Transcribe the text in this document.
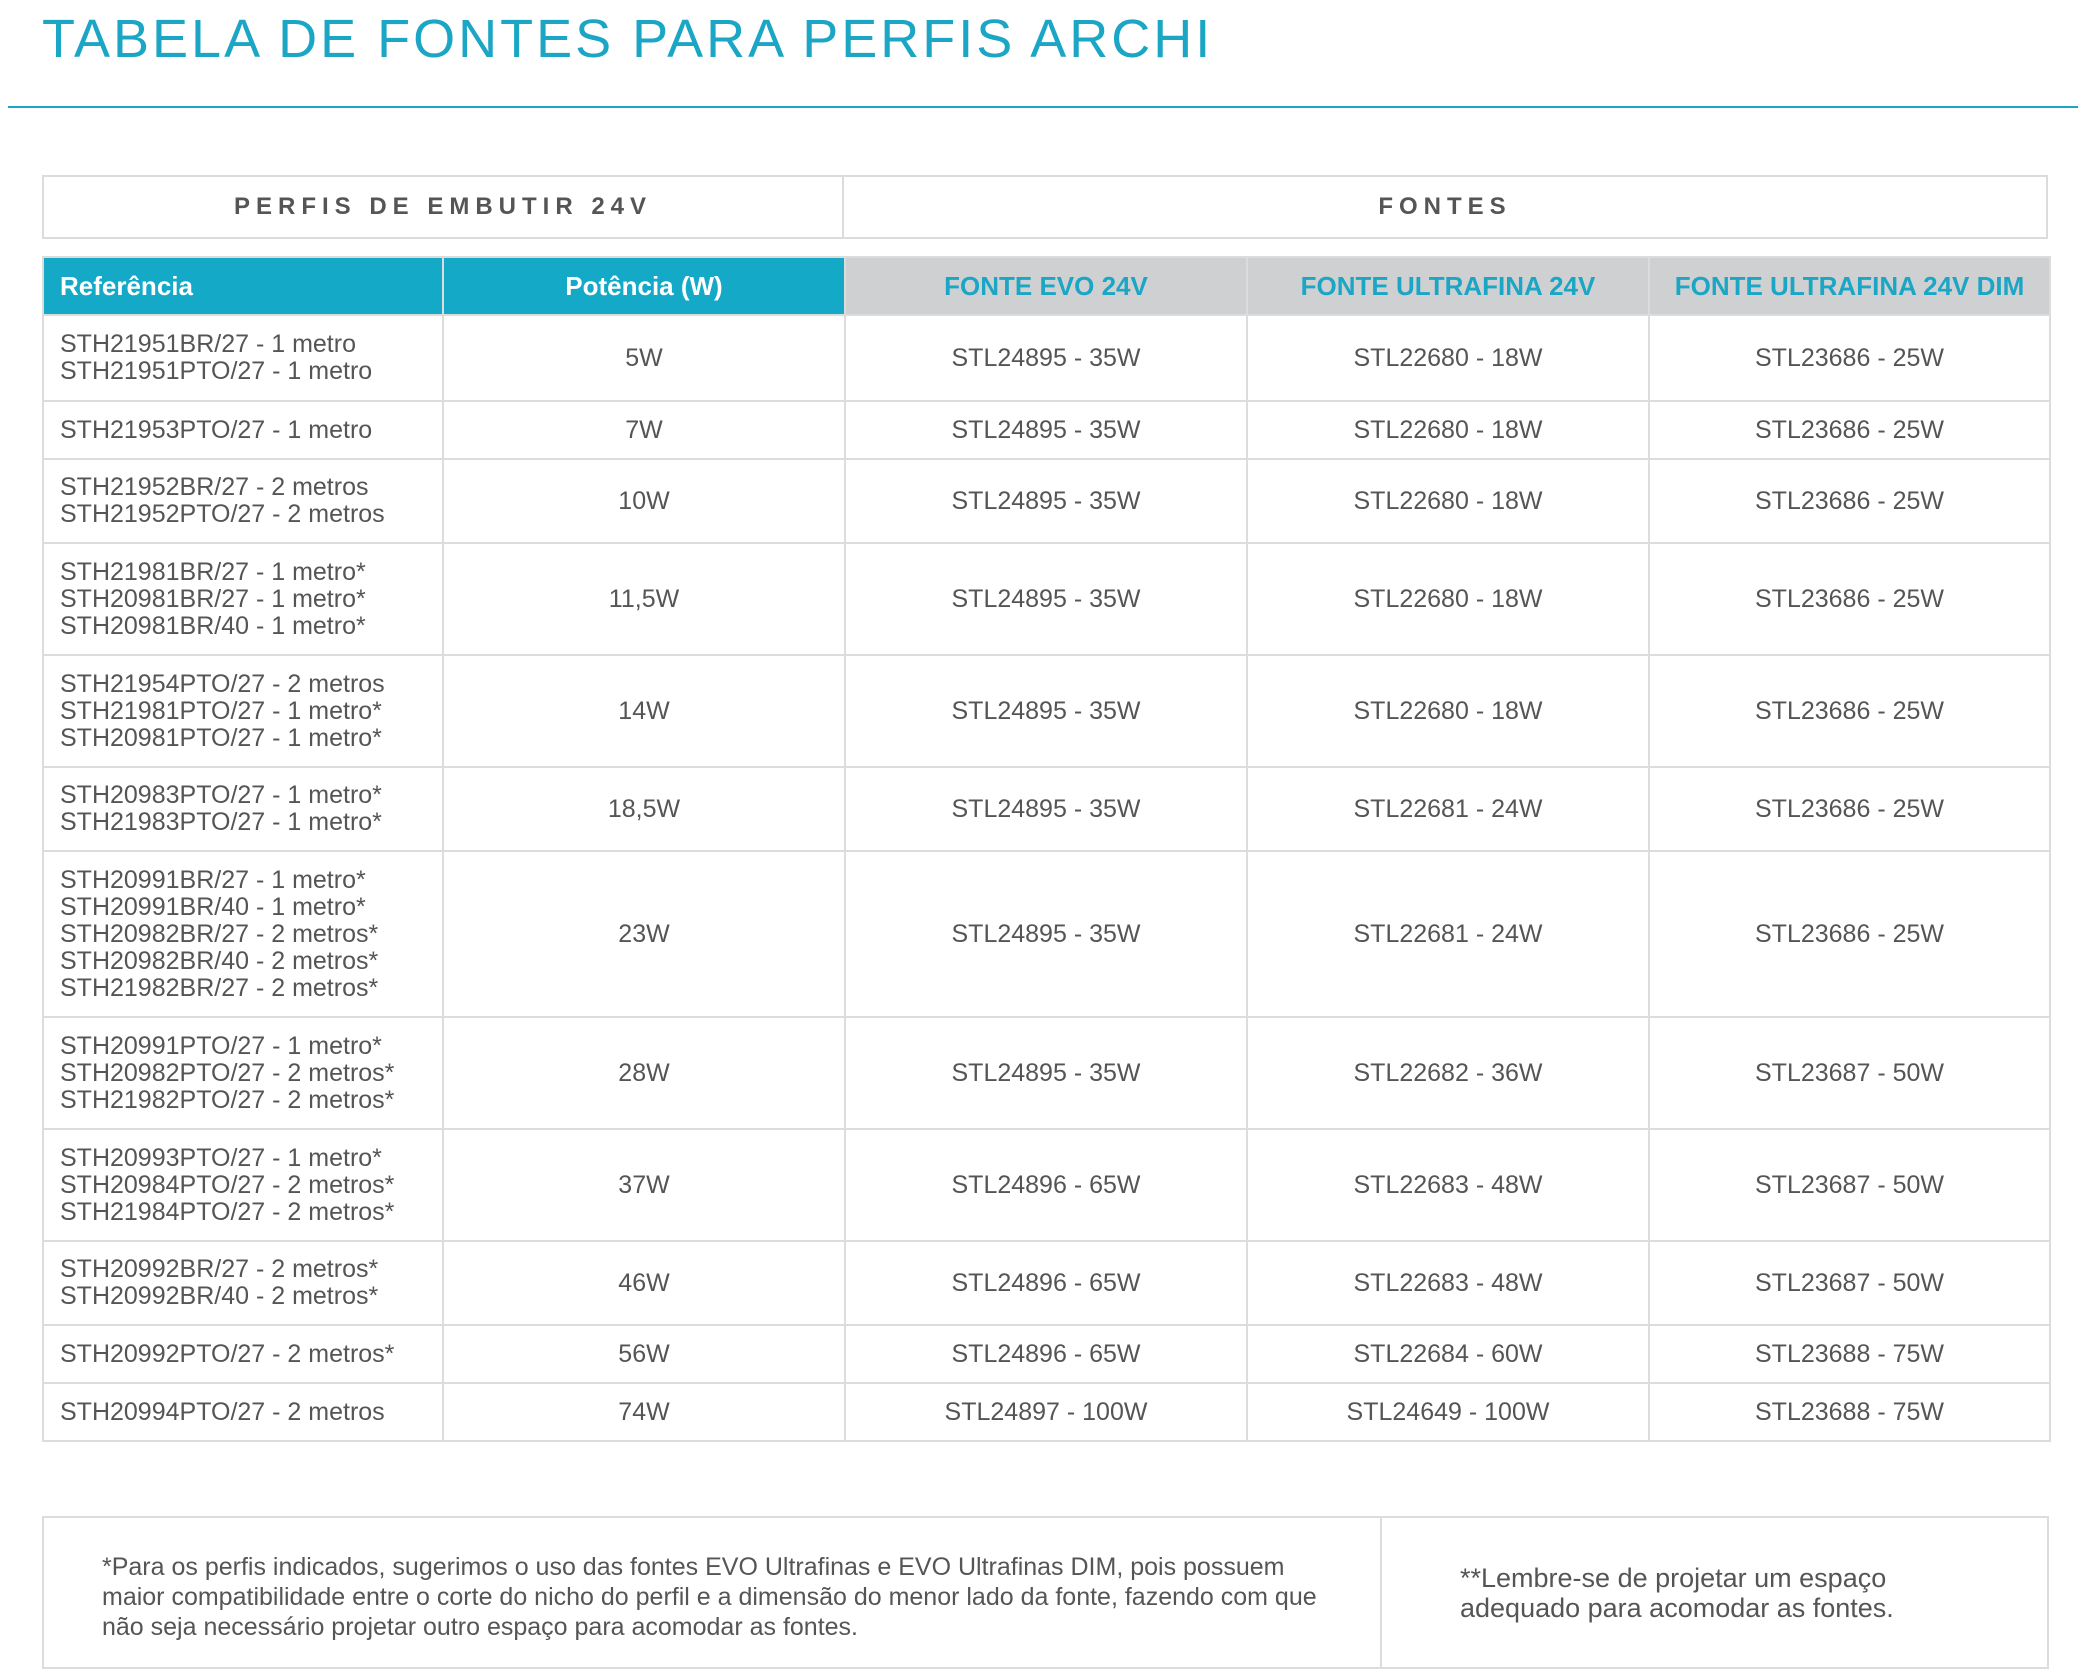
TABELA DE FONTES PARA PERFIS ARCHI
PERFIS DE EMBUTIR 24V	FONTES
Referência	Potência (W)	FONTE EVO 24V	FONTE ULTRAFINA 24V	FONTE ULTRAFINA 24V DIM

STH21951BR/27 - 1 metro
STH21951PTO/27 - 1 metro	5W	STL24895 - 35W	STL22680 - 18W	STL23686 - 25W

STH21953PTO/27 - 1 metro	7W	STL24895 - 35W	STL22680 - 18W	STL23686 - 25W

STH21952BR/27 - 2 metros
STH21952PTO/27 - 2 metros	10W	STL24895 - 35W	STL22680 - 18W	STL23686 - 25W

STH21981BR/27 - 1 metro*
STH20981BR/27 - 1 metro*
STH20981BR/40 - 1 metro*	11,5W	STL24895 - 35W	STL22680 - 18W	STL23686 - 25W

STH21954PTO/27 - 2 metros
STH21981PTO/27 - 1 metro*
STH20981PTO/27 - 1 metro*	14W	STL24895 - 35W	STL22680 - 18W	STL23686 - 25W

STH20983PTO/27 - 1 metro*
STH21983PTO/27 - 1 metro*	18,5W	STL24895 - 35W	STL22681 - 24W	STL23686 - 25W

STH20991BR/27 - 1 metro*
STH20991BR/40 - 1 metro*
STH20982BR/27 - 2 metros*
STH20982BR/40 - 2 metros*
STH21982BR/27 - 2 metros*	23W	STL24895 - 35W	STL22681 - 24W	STL23686 - 25W

STH20991PTO/27 - 1 metro*
STH20982PTO/27 - 2 metros*
STH21982PTO/27 - 2 metros*	28W	STL24895 - 35W	STL22682 - 36W	STL23687 - 50W

STH20993PTO/27 - 1 metro*
STH20984PTO/27 - 2 metros*
STH21984PTO/27 - 2 metros*	37W	STL24896 - 65W	STL22683 - 48W	STL23687 - 50W

STH20992BR/27 - 2 metros*
STH20992BR/40 - 2 metros*	46W	STL24896 - 65W	STL22683 - 48W	STL23687 - 50W

STH20992PTO/27 - 2 metros*	56W	STL24896 - 65W	STL22684 - 60W	STL23688 - 75W

STH20994PTO/27 - 2 metros	74W	STL24897 - 100W	STL24649 - 100W	STL23688 - 75W
*Para os perfis indicados, sugerimos o uso das fontes EVO Ultrafinas e EVO Ultrafinas DIM, pois possuem maior compatibilidade entre o corte do nicho do perfil e a dimensão do menor lado da fonte, fazendo com que não seja necessário projetar outro espaço para acomodar as fontes.
**Lembre-se de projetar um espaço
adequado para acomodar as fontes.
